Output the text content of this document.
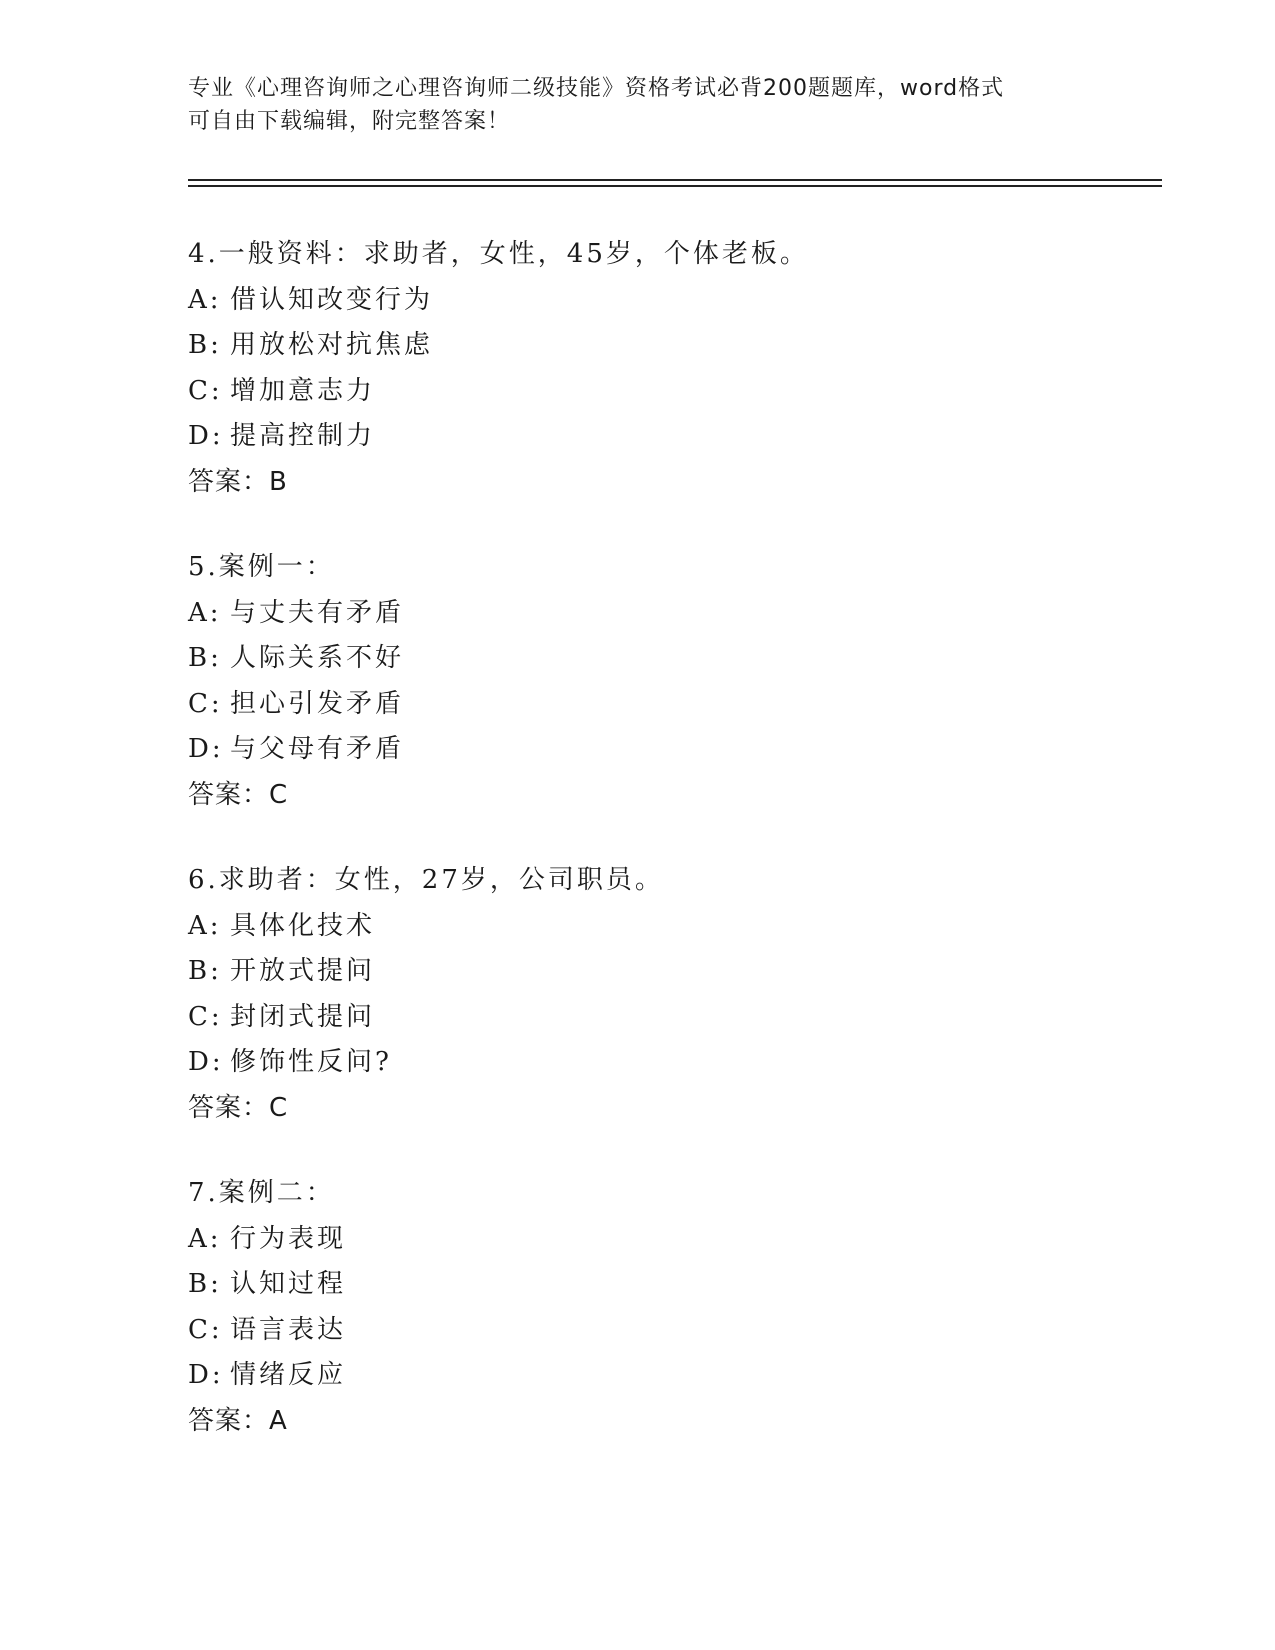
专业《心理咨询师之心理咨询师二级技能》资格考试必背200题题库，word格式
可自由下载编辑，附完整答案！
4.一般资料：求助者，女性，45岁，个体老板。
A: 借认知改变行为
B: 用放松对抗焦虑
C: 增加意志力
D: 提高控制力
答案：B
5.案例一：
A: 与丈夫有矛盾
B: 人际关系不好
C: 担心引发矛盾
D: 与父母有矛盾
答案：C
6.求助者：女性，27岁，公司职员。
A: 具体化技术
B: 开放式提问
C: 封闭式提问
D: 修饰性反问?
答案：C
7.案例二：
A: 行为表现
B: 认知过程
C: 语言表达
D: 情绪反应
答案：A
